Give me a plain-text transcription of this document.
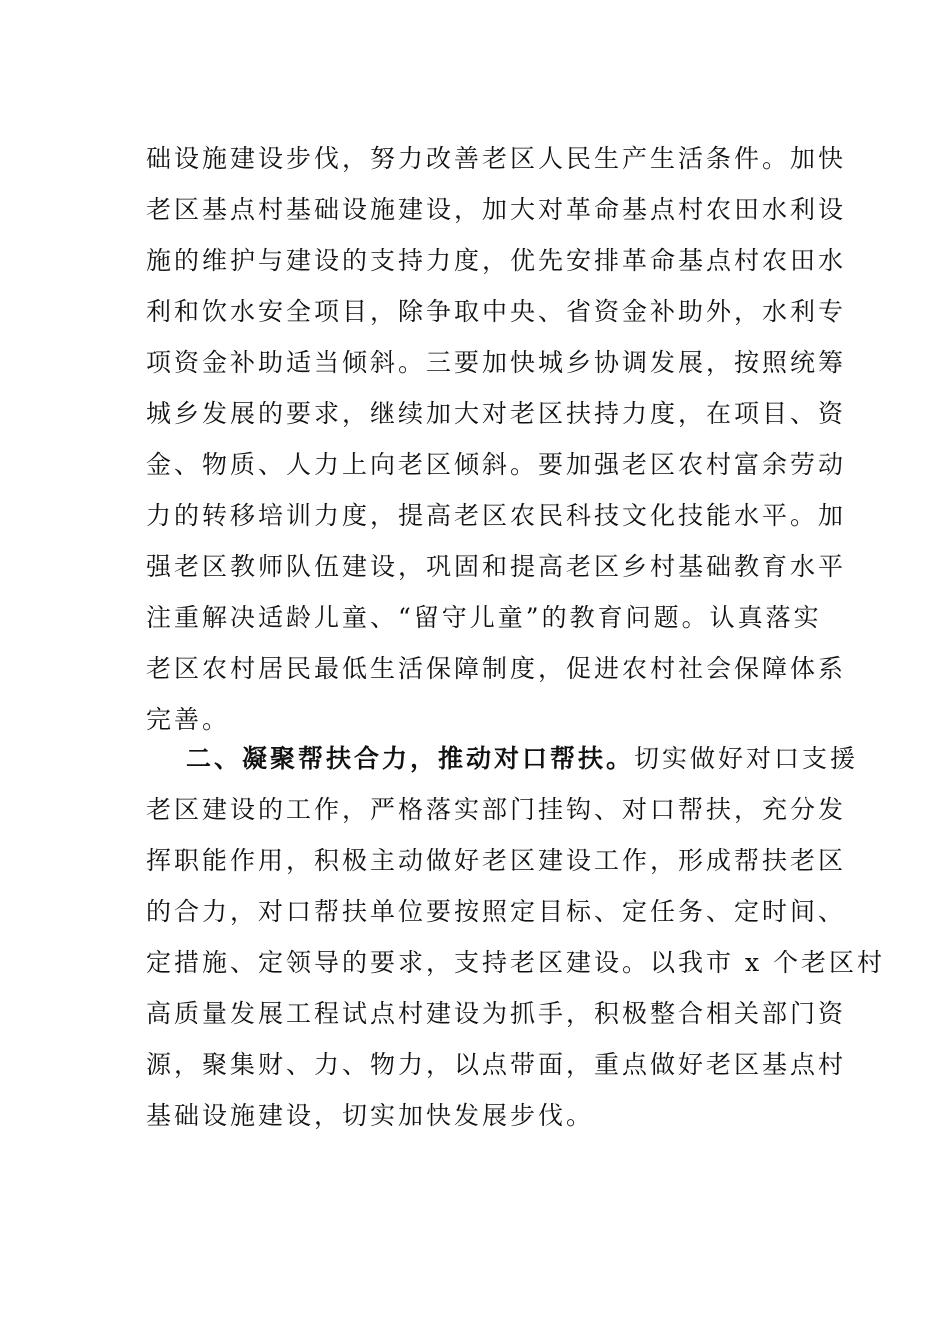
础设施建设步伐，努力改善老区人民生产生活条件。加快
老区基点村基础设施建设，加大对革命基点村农田水利设
施的维护与建设的支持力度，优先安排革命基点村农田水
利和饮水安全项目，除争取中央、省资金补助外，水利专
项资金补助适当倾斜。三要加快城乡协调发展，按照统筹
城乡发展的要求，继续加大对老区扶持力度，在项目、资
金、物质、人力上向老区倾斜。要加强老区农村富余劳动
力的转移培训力度，提高老区农民科技文化技能水平。加
强老区教师队伍建设，巩固和提高老区乡村基础教育水平
注重解决适龄儿童、“留守儿童”的教育问题。认真落实
老区农村居民最低生活保障制度，促进农村社会保障体系
完善。
二、凝聚帮扶合力，推动对口帮扶。切实做好对口支援
老区建设的工作，严格落实部门挂钩、对口帮扶，充分发
挥职能作用，积极主动做好老区建设工作，形成帮扶老区
的合力，对口帮扶单位要按照定目标、定任务、定时间、
定措施、定领导的要求，支持老区建设。以我市 x 个老区村
高质量发展工程试点村建设为抓手，积极整合相关部门资
源，聚集财、力、物力，以点带面，重点做好老区基点村
基础设施建设，切实加快发展步伐。
